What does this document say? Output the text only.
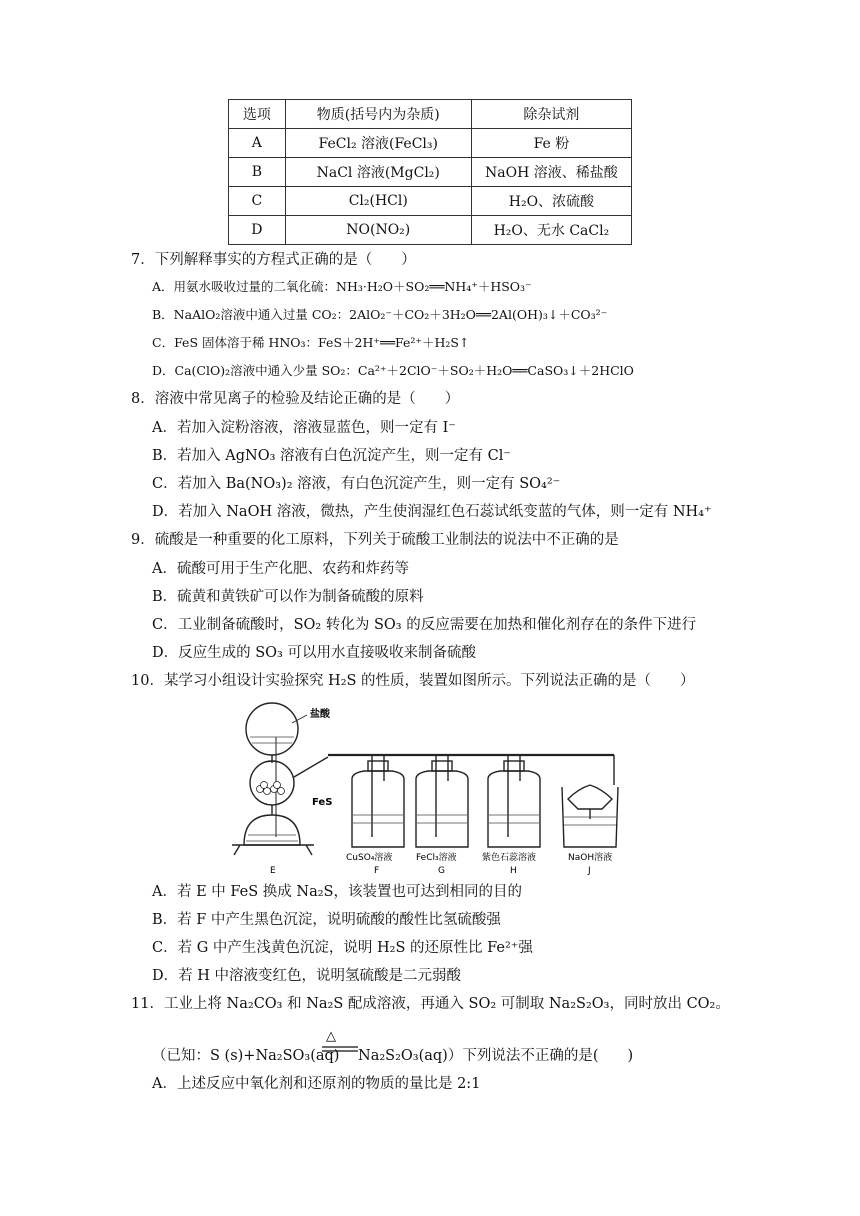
选项	物质(括号内为杂质)	除杂试剂
A	FeCl₂ 溶液(FeCl₃)	Fe 粉
B	NaCl 溶液(MgCl₂)	NaOH 溶液、稀盐酸
C	Cl₂(HCl)	H₂O、浓硫酸
D	NO(NO₂)	H₂O、无水 CaCl₂
7．下列解释事实的方程式正确的是（　　）
A．用氨水吸收过量的二氧化硫：NH₃·H₂O＋SO₂══NH₄⁺＋HSO₃⁻
B．NaAlO₂溶液中通入过量 CO₂：2AlO₂⁻＋CO₂＋3H₂O══2Al(OH)₃↓＋CO₃²⁻
C．FeS 固体溶于稀 HNO₃：FeS＋2H⁺══Fe²⁺＋H₂S↑
D．Ca(ClO)₂溶液中通入少量 SO₂：Ca²⁺＋2ClO⁻＋SO₂＋H₂O══CaSO₃↓＋2HClO
8．溶液中常见离子的检验及结论正确的是（　　）
A．若加入淀粉溶液，溶液显蓝色，则一定有 I⁻
B．若加入 AgNO₃ 溶液有白色沉淀产生，则一定有 Cl⁻
C．若加入 Ba(NO₃)₂ 溶液，有白色沉淀产生，则一定有 SO₄²⁻
D．若加入 NaOH 溶液，微热，产生使润湿红色石蕊试纸变蓝的气体，则一定有 NH₄⁺
9．硫酸是一种重要的化工原料，下列关于硫酸工业制法的说法中不正确的是
A．硫酸可用于生产化肥、农药和炸药等
B．硫黄和黄铁矿可以作为制备硫酸的原料
C．工业制备硫酸时，SO₂ 转化为 SO₃ 的反应需要在加热和催化剂存在的条件下进行
D．反应生成的 SO₃ 可以用水直接吸收来制备硫酸
10．某学习小组设计实验探究 H₂S 的性质，装置如图所示。下列说法正确的是（　　）
盐酸
FeS
CuSO₄溶液	FeCl₃溶液	紫色石蕊溶液	NaOH溶液
E	F	G	H	J
A．若 E 中 FeS 换成 Na₂S，该装置也可达到相同的目的
B．若 F 中产生黑色沉淀，说明硫酸的酸性比氢硫酸强
C．若 G 中产生浅黄色沉淀，说明 H₂S 的还原性比 Fe²⁺强
D．若 H 中溶液变红色，说明氢硫酸是二元弱酸
11．工业上将 Na₂CO₃ 和 Na₂S 配成溶液，再通入 SO₂ 可制取 Na₂S₂O₃，同时放出 CO₂。
（已知：S (s)+Na₂SO₃(aq)
△
Na₂S₂O₃(aq)）下列说法不正确的是(　　)
A．上述反应中氧化剂和还原剂的物质的量比是 2:1
